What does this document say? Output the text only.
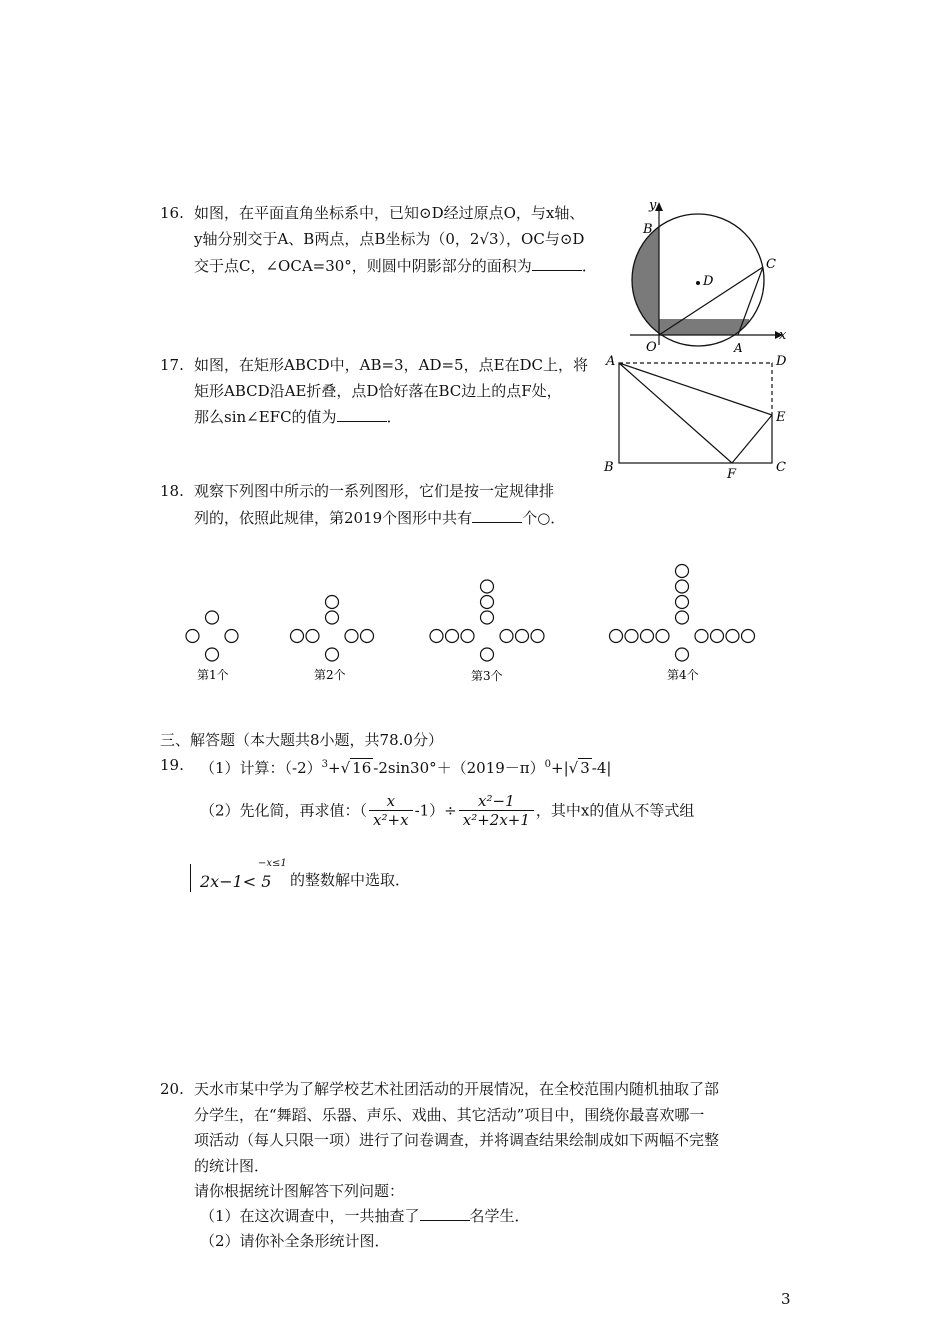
16. 如图，在平面直角坐标系中，已知⊙D经过原点O，与x轴、
y轴分别交于A、B两点，点B坐标为（0，2√3），OC与⊙D
交于点C，∠OCA=30°，则圆中阴影部分的面积为	．
x
y
B
C
D
O	A
17. 如图，在矩形ABCD中，AB=3，AD=5，点E在DC上，将
矩形ABCD沿AE折叠，点D恰好落在BC边上的点F处，
那么sin∠EFC的值为	．
A	D
E
B	C
F
18. 观察下列图中所示的一系列图形，它们是按一定规律排
列的，依照此规律，第2019个图形中共有	个○．
第1个	第2个	第3个	第4个
三、解答题（本大题共8小题，共78.0分）
19. （1）计算：$(-2)^3+√$ 16 $-2\sin 30^\circ+(2019-\pi)^0+|√$ 3 -4|
（2）先化简，再求值：（ $\frac{x}{\text{x²+x}} -1)\div \frac{\text{x²−1}}{\text{x²+2x+1}}$ ，其中x的值从不等式组
−x≤1
2x−1< 5 的整数解中选取．
20. 天水市某中学为了解学校艺术社团活动的开展情况，在全校范围内随机抽取了部
分学生，在“舞蹈、乐器、声乐、戏曲、其它活动”项目中，围绕你最喜欢哪一
项活动（每人只限一项）进行了问卷调查，并将调查结果绘制成如下两幅不完整
的统计图．
请你根据统计图解答下列问题：
（1）在这次调查中，一共抽查了	名学生．
（2）请你补全条形统计图．
3
